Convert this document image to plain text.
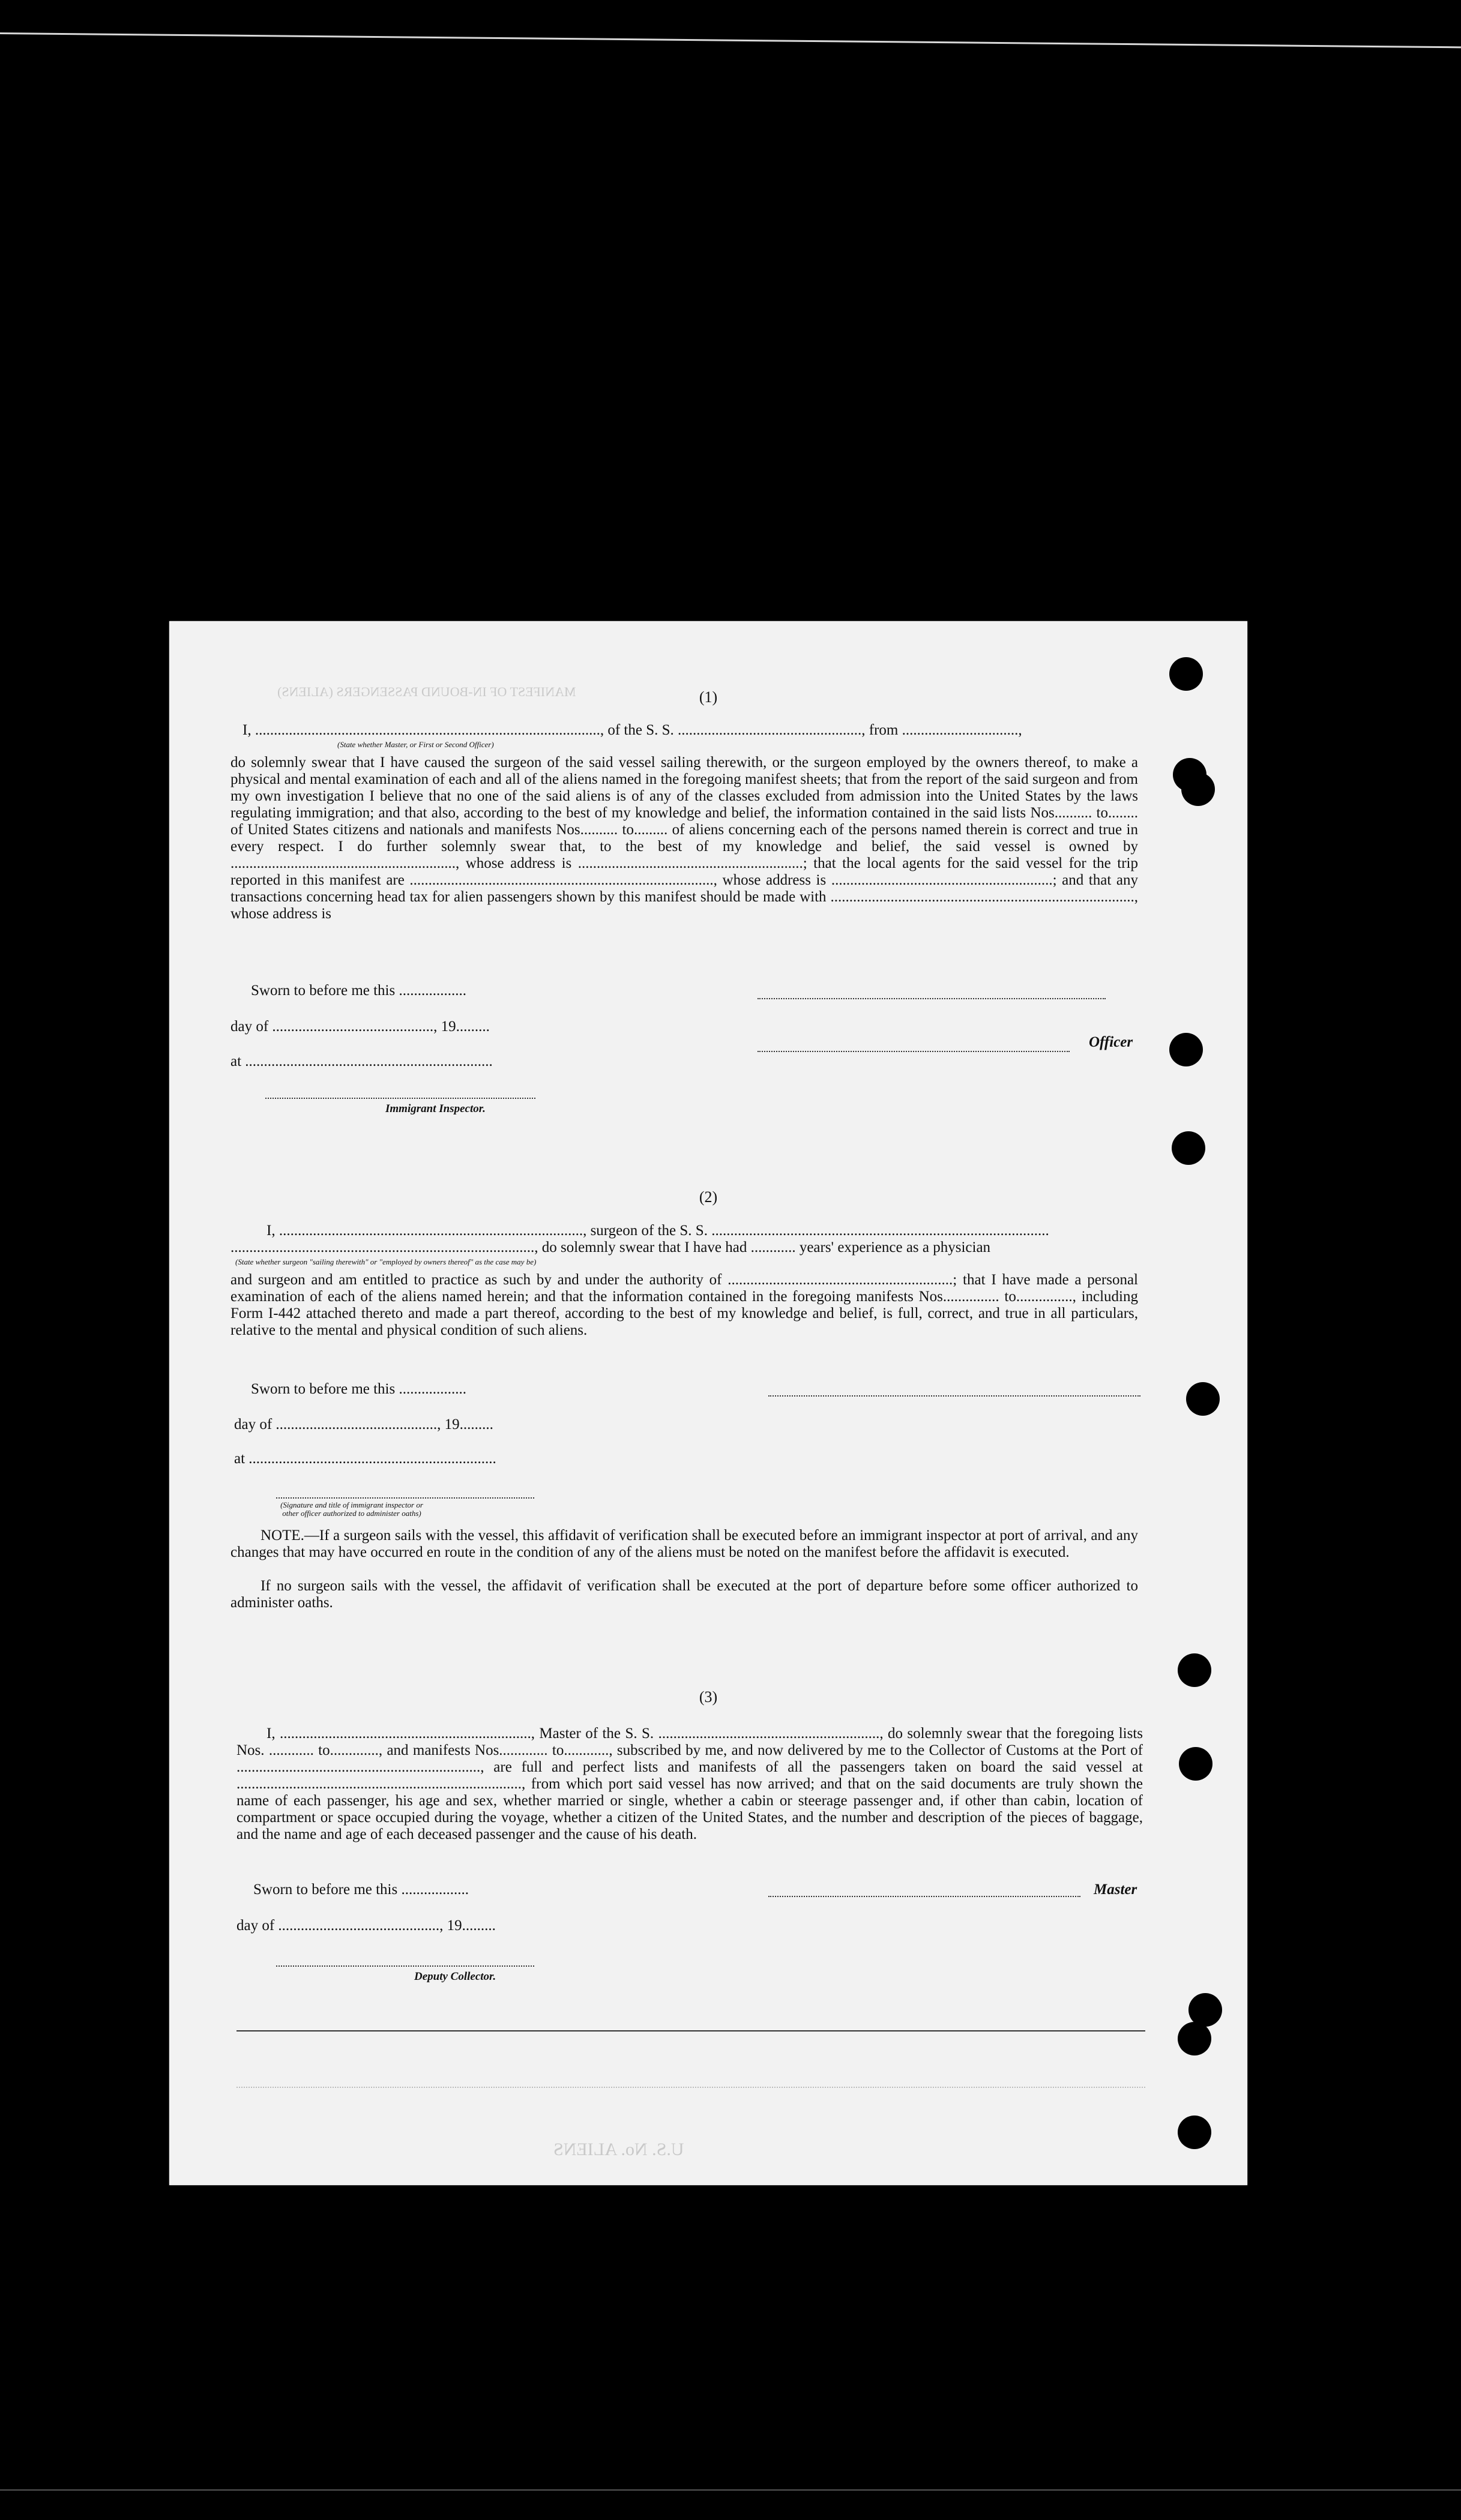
MANIFEST OF IN-BOUND PASSENGERS (ALIENS)
U.S. No. ALIENS
(1)
I, ............................................................................................, of the S. S. ................................................., from ...............................,
(State whether Master, or First or Second Officer)
do solemnly swear that I have caused the surgeon of the said vessel sailing therewith, or the surgeon employed by the owners thereof, to make a physical and mental examination of each and all of the aliens named in the foregoing manifest sheets; that from the report of the said surgeon and from my own investigation I believe that no one of the said aliens is of any of the classes excluded from admission into the United States by the laws regulating immigration; and that also, according to the best of my knowledge and belief, the information contained in the said lists Nos.......... to........ of United States citizens and nationals and manifests Nos.......... to......... of aliens concerning each of the persons named therein is correct and true in every respect. I do further solemnly swear that, to the best of my knowledge and belief, the said vessel is owned by ............................................................, whose address is ............................................................; that the local agents for the said vessel for the trip reported in this manifest are ................................................................................., whose address is ...........................................................; and that any transactions concerning head tax for alien passengers shown by this manifest should be made with ................................................................................., whose address is
Sworn to before me this ..................
day of ..........................................., 19.........
Officer
at ..................................................................
Immigrant Inspector.
(2)
I, ................................................................................., surgeon of the S. S. ..........................................................................................
................................................................................., do solemnly swear that I have had ............ years' experience as a physician
(State whether surgeon "sailing therewith" or "employed by owners thereof" as the case may be)
and surgeon and am entitled to practice as such by and under the authority of ............................................................; that I have made a personal examination of each of the aliens named herein; and that the information contained in the foregoing manifests Nos............... to..............., including Form I-442 attached thereto and made a part thereof, according to the best of my knowledge and belief, is full, correct, and true in all particulars, relative to the mental and physical condition of such aliens.
Sworn to before me this ..................
day of ..........................................., 19.........
at ..................................................................
(Signature and title of immigrant inspector or other officer authorized to administer oaths)
NOTE.—If a surgeon sails with the vessel, this affidavit of verification shall be executed before an immigrant inspector at port of arrival, and any changes that may have occurred en route in the condition of any of the aliens must be noted on the manifest before the affidavit is executed.
If no surgeon sails with the vessel, the affidavit of verification shall be executed at the port of departure before some officer authorized to administer oaths.
(3)
I, ..................................................................., Master of the S. S. ..........................................................., do solemnly swear that the foregoing lists Nos. ............ to............., and manifests Nos............. to............, subscribed by me, and now delivered by me to the Collector of Customs at the Port of ................................................................., are full and perfect lists and manifests of all the passengers taken on board the said vessel at ............................................................................, from which port said vessel has now arrived; and that on the said documents are truly shown the name of each passenger, his age and sex, whether married or single, whether a cabin or steerage passenger and, if other than cabin, location of compartment or space occupied during the voyage, whether a citizen of the United States, and the number and description of the pieces of baggage, and the name and age of each deceased passenger and the cause of his death.
Sworn to before me this ..................	Master
day of ..........................................., 19.........
Deputy Collector.
